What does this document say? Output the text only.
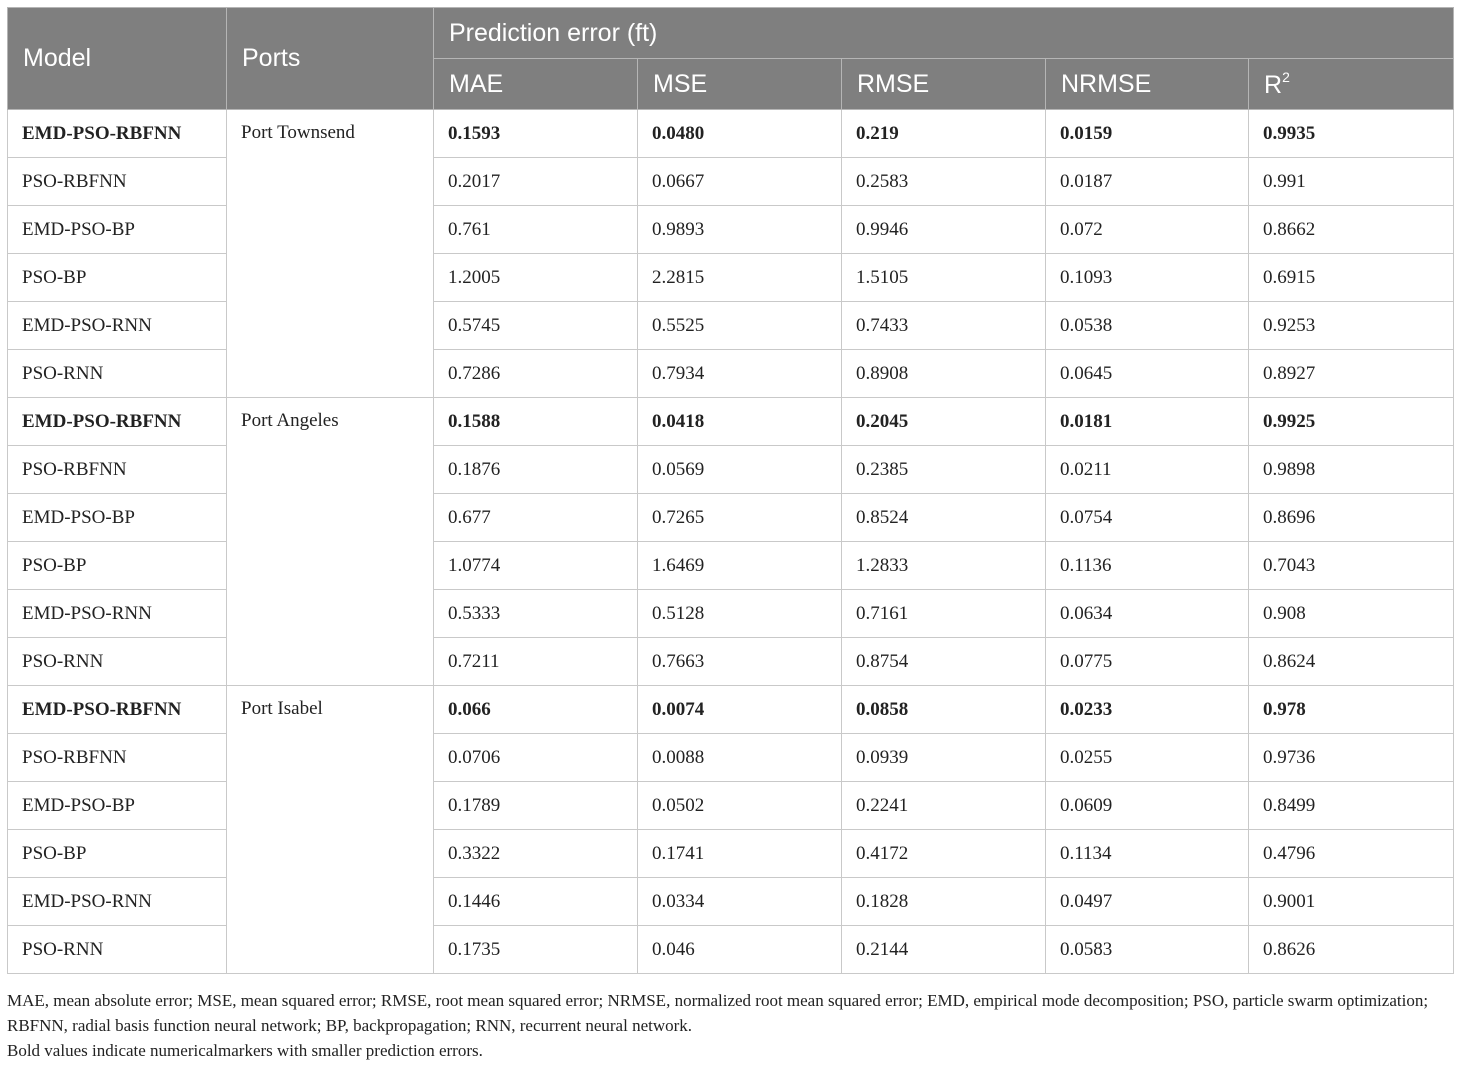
Model	Ports	Prediction error (ft)				
		MAE	MSE	RMSE	NRMSE	$R^2$
EMD-PSO-RBFNN	Port Townsend	0.1593	0.0480	0.219	0.0159	0.9935
PSO-RBFNN		0.2017	0.0667	0.2583	0.0187	0.991
EMD-PSO-BP		0.761	0.9893	0.9946	0.072	0.8662
PSO-BP		1.2005	2.2815	1.5105	0.1093	0.6915
EMD-PSO-RNN		0.5745	0.5525	0.7433	0.0538	0.9253
PSO-RNN		0.7286	0.7934	0.8908	0.0645	0.8927
EMD-PSO-RBFNN	Port Angeles	0.1588	0.0418	0.2045	0.0181	0.9925
PSO-RBFNN		0.1876	0.0569	0.2385	0.0211	0.9898
EMD-PSO-BP		0.677	0.7265	0.8524	0.0754	0.8696
PSO-BP		1.0774	1.6469	1.2833	0.1136	0.7043
EMD-PSO-RNN		0.5333	0.5128	0.7161	0.0634	0.908
PSO-RNN		0.7211	0.7663	0.8754	0.0775	0.8624
EMD-PSO-RBFNN	Port Isabel	0.066	0.0074	0.0858	0.0233	0.978
PSO-RBFNN		0.0706	0.0088	0.0939	0.0255	0.9736
EMD-PSO-BP		0.1789	0.0502	0.2241	0.0609	0.8499
PSO-BP		0.3322	0.1741	0.4172	0.1134	0.4796
EMD-PSO-RNN		0.1446	0.0334	0.1828	0.0497	0.9001
PSO-RNN		0.1735	0.046	0.2144	0.0583	0.8626

MAE, mean absolute error; MSE, mean squared error; RMSE, root mean squared error; NRMSE, normalized root mean squared error; EMD, empirical mode decomposition; PSO, particle swarm optimization; RBFNN, radial basis function neural network; BP, backpropagation; RNN, recurrent neural network.

Bold values indicate numericalmarkers with smaller prediction errors.
